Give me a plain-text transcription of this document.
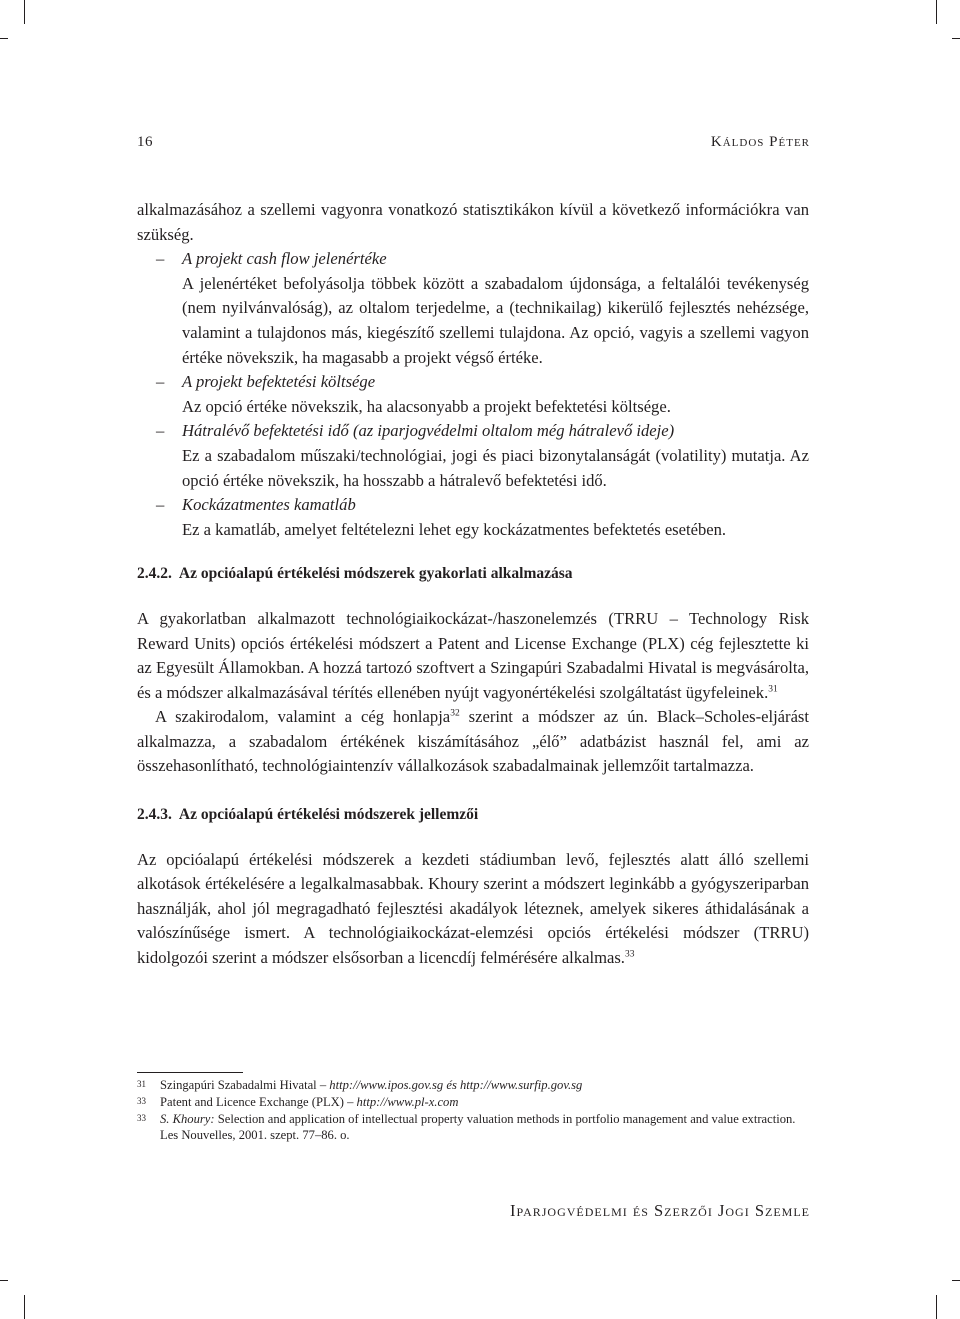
16	Káldos Péter

alkalmazásához a szellemi vagyonra vonatkozó statisztikákon kívül a következő információkra van szükség.

– A projekt cash flow jelenértéke

A jelenértéket befolyásolja többek között a szabadalom újdonsága, a feltalálói tevékenység (nem nyilvánvalóság), az oltalom terjedelme, a (technikailag) kikerülő fejlesztés nehézsége, valamint a tulajdonos más, kiegészítő szellemi tulajdona. Az opció, vagyis a szellemi vagyon értéke növekszik, ha magasabb a projekt végső értéke.

– A projekt befektetési költsége

Az opció értéke növekszik, ha alacsonyabb a projekt befektetési költsége.

– Hátralévő befektetési idő (az iparjogvédelmi oltalom még hátralevő ideje)

Ez a szabadalom műszaki/technológiai, jogi és piaci bizonytalanságát (volatility) mutatja. Az opció értéke növekszik, ha hosszabb a hátralevő befektetési idő.

– Kockázatmentes kamatláb

Ez a kamatláb, amelyet feltételezni lehet egy kockázatmentes befektetés esetében.

2.4.2. Az opcióalapú értékelési módszerek gyakorlati alkalmazása

A gyakorlatban alkalmazott technológiaikockázat-/haszonelemzés (TRRU – Technology Risk Reward Units) opciós értékelési módszert a Patent and License Exchange (PLX) cég fejlesztette ki az Egyesült Államokban. A hozzá tartozó szoftvert a Szingapúri Szabadalmi Hivatal is megvásárolta, és a módszer alkalmazásával térítés ellenében nyújt vagyonértékelési szolgáltatást ügyfeleinek.$^{31}$

A szakirodalom, valamint a cég honlapja$^{32}$ szerint a módszer az ún. Black–Scholes-eljárást alkalmazza, a szabadalom értékének kiszámításához „élő” adatbázist használ fel, ami az összehasonlítható, technológiaintenzív vállalkozások szabadalmainak jellemzőit tartalmazza.

2.4.3. Az opcióalapú értékelési módszerek jellemzői

Az opcióalapú értékelési módszerek a kezdeti stádiumban levő, fejlesztés alatt álló szellemi alkotások értékelésére a legalkalmasabbak. Khoury szerint a módszert leginkább a gyógyszeriparban használják, ahol jól megragadható fejlesztési akadályok léteznek, amelyek sikeres áthidalásának a valószínűsége ismert. A technológiaikockázat-elemzési opciós értékelési módszer (TRRU) kidolgozói szerint a módszer elsősorban a licencdíj felmérésére alkalmas.$^{33}$

31 Szingapúri Szabadalmi Hivatal – http://www.ipos.gov.sg és http://www.surfip.gov.sg

33 Patent and Licence Exchange (PLX) – http://www.pl-x.com

33 S. Khoury: Selection and application of intellectual property valuation methods in portfolio management and value extraction. Les Nouvelles, 2001. szept. 77–86. o.

Iparjogvédelmi és Szerzői Jogi Szemle
